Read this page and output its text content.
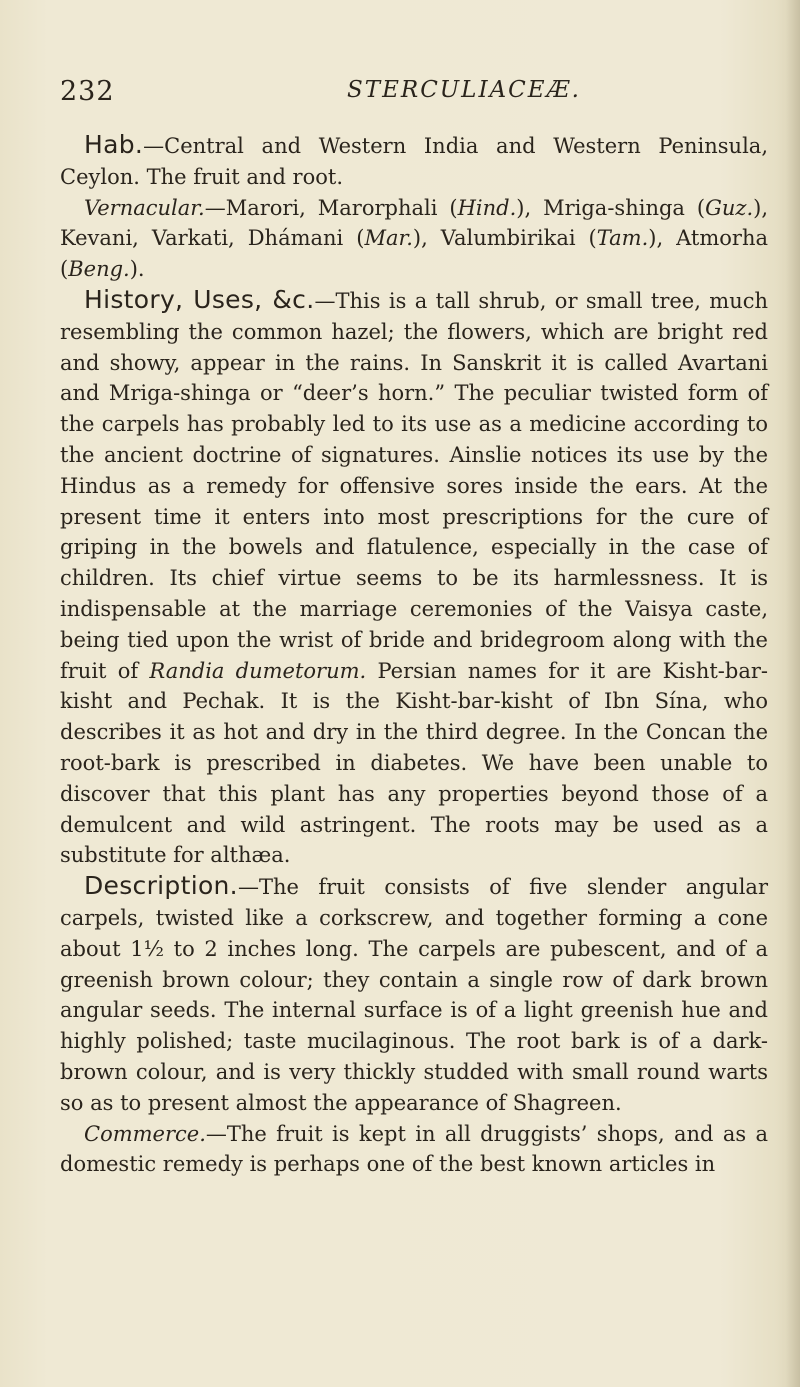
232	STERCULIACEÆ.

Hab.—Central and Western India and Western Peninsula, Ceylon. The fruit and root.

Vernacular.—Marori, Marorphali (Hind.), Mriga-shinga (Guz.), Kevani, Varkati, Dhámani (Mar.), Valumbirikai (Tam.), Atmorha (Beng.).

History, Uses, &c.—This is a tall shrub, or small tree, much resembling the common hazel; the flowers, which are bright red and showy, appear in the rains. In Sanskrit it is called Avartani and Mriga-shinga or “deer’s horn.” The peculiar twisted form of the carpels has probably led to its use as a medicine according to the ancient doctrine of signatures. Ainslie notices its use by the Hindus as a remedy for offensive sores inside the ears. At the present time it enters into most prescriptions for the cure of griping in the bowels and flatulence, especially in the case of children. Its chief virtue seems to be its harmlessness. It is indispensable at the marriage ceremonies of the Vaisya caste, being tied upon the wrist of bride and bridegroom along with the fruit of Randia dumetorum. Persian names for it are Kisht-bar-kisht and Pechak. It is the Kisht-bar-kisht of Ibn Sína, who describes it as hot and dry in the third degree. In the Concan the root-bark is prescribed in diabetes. We have been unable to discover that this plant has any properties beyond those of a demulcent and wild astringent. The roots may be used as a substitute for althæa.

Description.—The fruit consists of five slender angular carpels, twisted like a corkscrew, and together forming a cone about 1½ to 2 inches long. The carpels are pubescent, and of a greenish brown colour; they contain a single row of dark brown angular seeds. The internal surface is of a light greenish hue and highly polished; taste mucilaginous. The root bark is of a dark-brown colour, and is very thickly studded with small round warts so as to present almost the appearance of Shagreen.

Commerce.—The fruit is kept in all druggists’ shops, and as a domestic remedy is perhaps one of the best known articles in
